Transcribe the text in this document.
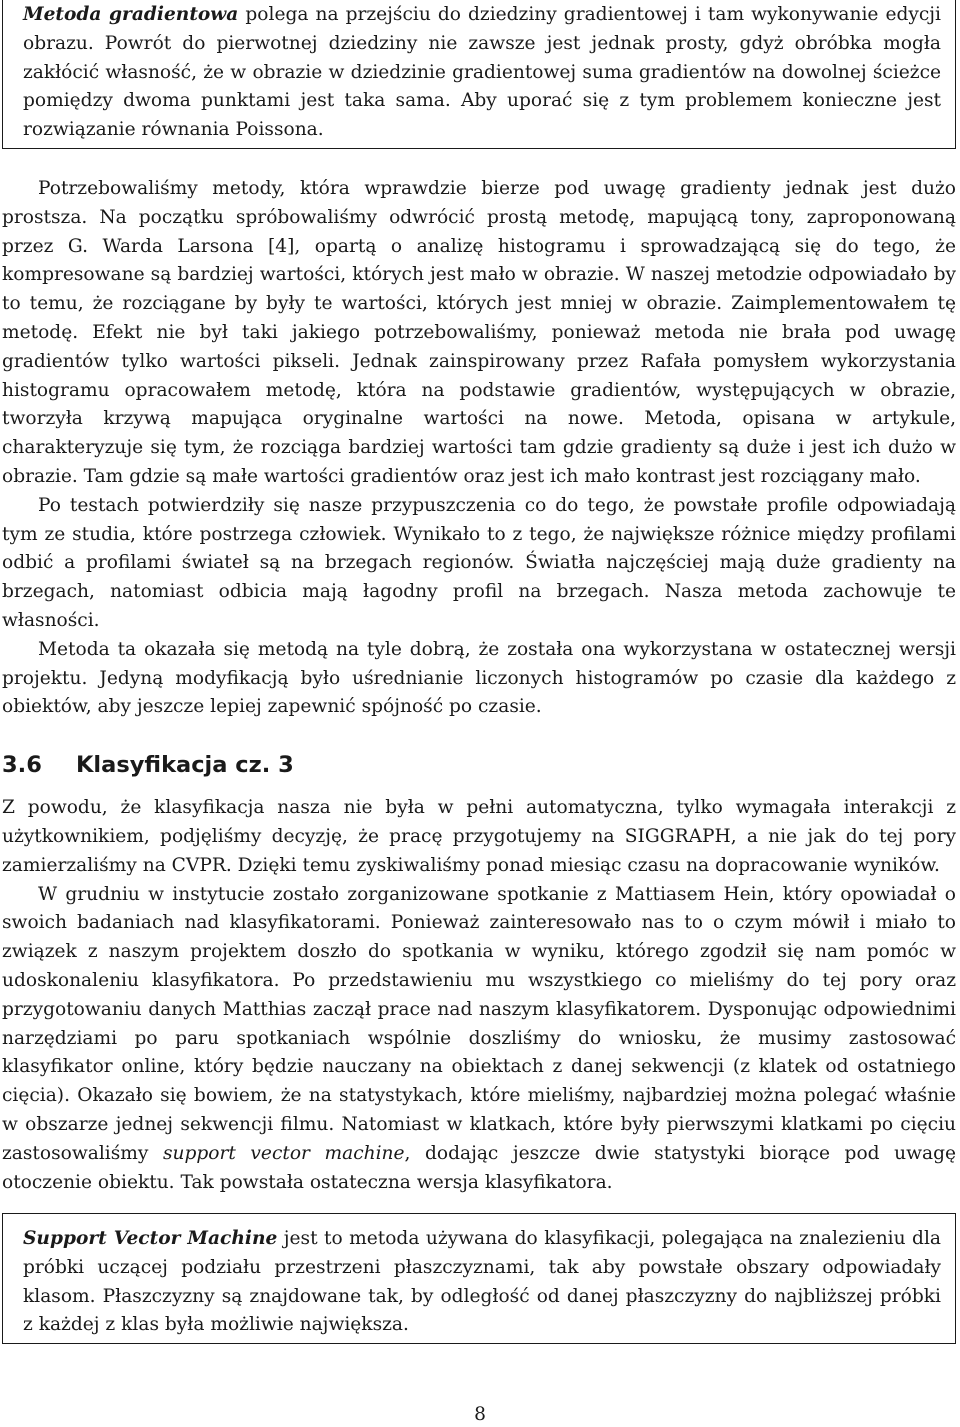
Metoda gradientowa polega na przejściu do dziedziny gradientowej i tam wykonywanie edycji obrazu. Powrót do pierwotnej dziedziny nie zawsze jest jednak prosty, gdyż obróbka mogła zakłócić własność, że w obrazie w dziedzinie gradientowej suma gradientów na dowolnej ścieżce pomiędzy dwoma punktami jest taka sama. Aby uporać się z tym problemem konieczne jest rozwiązanie równania Poissona.

Potrzebowaliśmy metody, która wprawdzie bierze pod uwagę gradienty jednak jest dużo prostsza. Na początku spróbowaliśmy odwrócić prostą metodę, mapującą tony, zaproponowaną przez G. Warda Larsona [4], opartą o analizę histogramu i sprowadzającą się do tego, że kompresowane są bardziej wartości, których jest mało w obrazie. W naszej metodzie odpowiadało by to temu, że rozciągane by były te wartości, których jest mniej w obrazie. Zaimplementowałem tę metodę. Efekt nie był taki jakiego potrzebowaliśmy, ponieważ metoda nie brała pod uwagę gradientów tylko wartości pikseli. Jednak zainspirowany przez Rafała pomysłem wykorzystania histogramu opracowałem metodę, która na podstawie gradientów, występujących w obrazie, tworzyła krzywą mapująca oryginalne wartości na nowe. Metoda, opisana w artykule, charakteryzuje się tym, że rozciąga bardziej wartości tam gdzie gradienty są duże i jest ich dużo w obrazie. Tam gdzie są małe wartości gradientów oraz jest ich mało kontrast jest rozciągany mało.

Po testach potwierdziły się nasze przypuszczenia co do tego, że powstałe profile odpowiadają tym ze studia, które postrzega człowiek. Wynikało to z tego, że największe różnice między profilami odbić a profilami świateł są na brzegach regionów. Światła najczęściej mają duże gradienty na brzegach, natomiast odbicia mają łagodny profil na brzegach. Nasza metoda zachowuje te własności.

Metoda ta okazała się metodą na tyle dobrą, że została ona wykorzystana w ostatecznej wersji projektu. Jedyną modyfikacją było uśrednianie liczonych histogramów po czasie dla każdego z obiektów, aby jeszcze lepiej zapewnić spójność po czasie.

3.6 Klasyfikacja cz. 3

Z powodu, że klasyfikacja nasza nie była w pełni automatyczna, tylko wymagała interakcji z użytkownikiem, podjęliśmy decyzję, że pracę przygotujemy na SIGGRAPH, a nie jak do tej pory zamierzaliśmy na CVPR. Dzięki temu zyskiwaliśmy ponad miesiąc czasu na dopracowanie wyników.

W grudniu w instytucie zostało zorganizowane spotkanie z Mattiasem Hein, który opowiadał o swoich badaniach nad klasyfikatorami. Ponieważ zainteresowało nas to o czym mówił i miało to związek z naszym projektem doszło do spotkania w wyniku, którego zgodził się nam pomóc w udoskonaleniu klasyfikatora. Po przedstawieniu mu wszystkiego co mieliśmy do tej pory oraz przygotowaniu danych Matthias zaczął prace nad naszym klasyfikatorem. Dysponując odpowiednimi narzędziami po paru spotkaniach wspólnie doszliśmy do wniosku, że musimy zastosować klasyfikator online, który będzie nauczany na obiektach z danej sekwencji (z klatek od ostatniego cięcia). Okazało się bowiem, że na statystykach, które mieliśmy, najbardziej można polegać właśnie w obszarze jednej sekwencji filmu. Natomiast w klatkach, które były pierwszymi klatkami po cięciu zastosowaliśmy support vector machine, dodając jeszcze dwie statystyki biorące pod uwagę otoczenie obiektu. Tak powstała ostateczna wersja klasyfikatora.

Support Vector Machine jest to metoda używana do klasyfikacji, polegająca na znalezieniu dla próbki uczącej podziału przestrzeni płaszczyznami, tak aby powstałe obszary odpowiadały klasom. Płaszczyzny są znajdowane tak, by odległość od danej płaszczyzny do najbliższej próbki z każdej z klas była możliwie największa.

8
